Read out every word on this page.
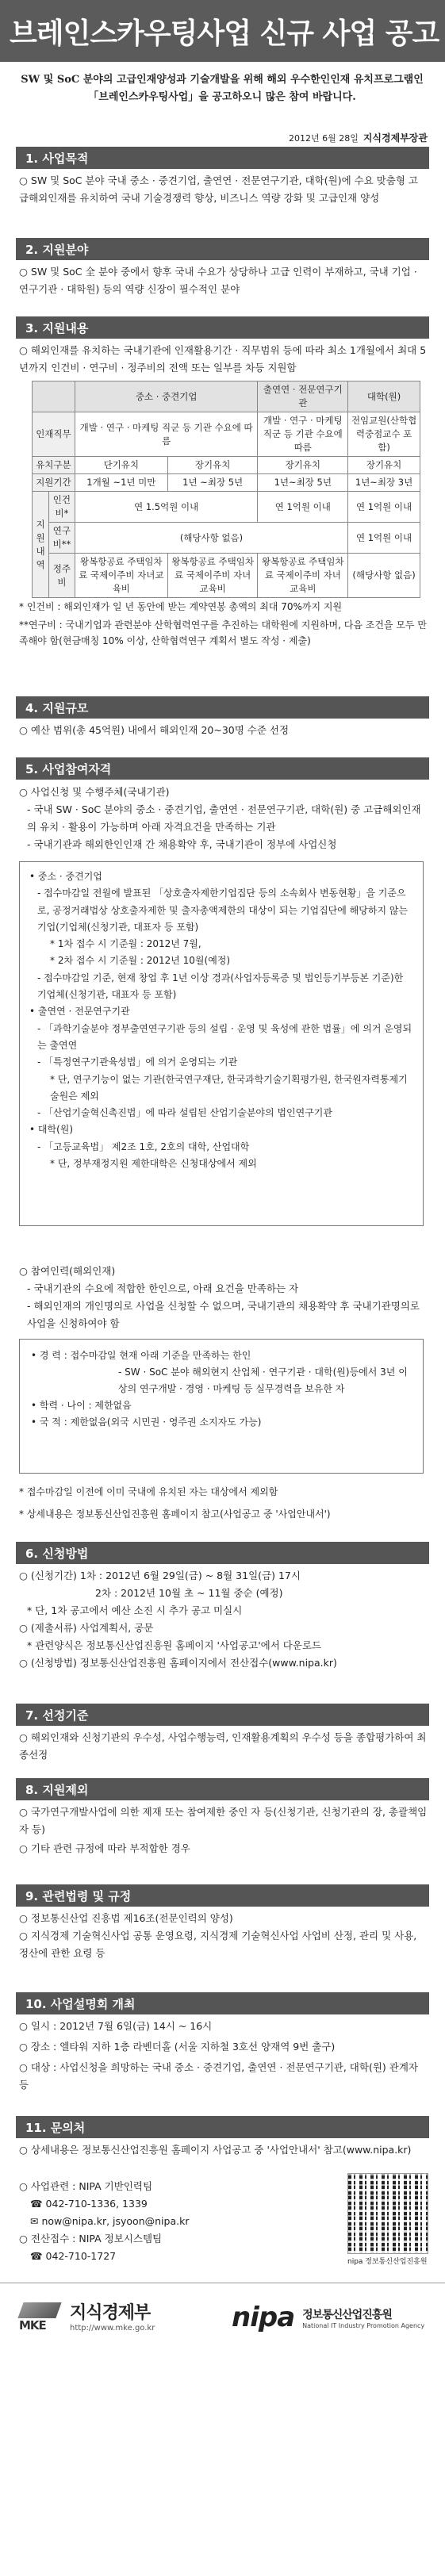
브레인스카우팅사업 신규 사업 공고
SW 및 SoC 분야의 고급인재양성과 기술개발을 위해 해외 우수한인인재 유치프로그램인
「브레인스카우팅사업」을 공고하오니 많은 참여 바랍니다.
2012년 6월 28일 지식경제부장관
1. 사업목적
○ SW 및 SoC 분야 국내 중소 · 중견기업, 출연연 · 전문연구기관, 대학(원)에 수요 맞춤형 고급해외인재를 유치하여 국내 기술경쟁력 향상, 비즈니스 역량 강화 및 고급인재 양성
2. 지원분야
○ SW 및 SoC 全 분야 중에서 향후 국내 수요가 상당하나 고급 인력이 부재하고, 국내 기업 · 연구기관 · 대학원) 등의 역량 신장이 필수적인 분야
3. 지원내용
○ 해외인재를 유치하는 국내기관에 인재활용기간 · 직무범위 등에 따라 최소 1개월에서 최대 5년까지 인건비 · 연구비 · 정주비의 전액 또는 일부를 차등 지원함
		중소 · 중견기업		출연연 · 전문연구기관	대학(원)
인재직무		개발 · 연구 · 마케팅 직군 등 기관 수요에 따름		개발 · 연구 · 마케팅 직군 등 기관 수요에 따름	전임교원(산학협력중점교수 포함)
유치구분		단기유치	장기유치	장기유치	장기유치
지원기간		1개월 ~1년 미만	1년 ~최장 5년	1년~최장 5년	1년~최장 3년
지원내역	인건비*	연 1.5억원 이내		연 1억원 이내	연 1억원 이내
	연구비**	(해당사항 없음)			연 1억원 이내
	정주비	왕복항공료 주택임차료 국제이주비 자녀교육비	왕복항공료 주택임차료 국제이주비 자녀교육비	왕복항공료 주택임차료 국제이주비 자녀교육비	(해당사항 없음)
* 인건비 : 해외인재가 일 년 동안에 받는 계약연봉 총액의 최대 70%까지 지원
**연구비 : 국내기업과 관련분야 산학협력연구를 추진하는 대학원에 지원하며, 다음 조건을 모두 만족해야 함(현금매칭 10% 이상, 산학협력연구 계획서 별도 작성 · 제출)
4. 지원규모
○ 예산 범위(총 45억원) 내에서 해외인재 20~30명 수준 선정
5. 사업참여자격
○ 사업신청 및 수행주체(국내기관)
- 국내 SW · SoC 분야의 중소 · 중견기업, 출연연 · 전문연구기관, 대학(원) 중 고급해외인재의 유치 · 활용이 가능하며 아래 자격요건을 만족하는 기관
- 국내기관과 해외한인인재 간 채용확약 후, 국내기관이 정부에 사업신청
• 중소 · 중견기업
- 접수마감일 전월에 발표된 「상호출자제한기업집단 등의 소속회사 변동현황」을 기준으로, 공정거래법상 상호출자제한 및 출자총액제한의 대상이 되는 기업집단에 해당하지 않는 기업(기업체(신청기관, 대표자 등 포함)
* 1차 접수 시 기준월 : 2012년 7월,
* 2차 접수 시 기준월 : 2012년 10월(예정)
- 접수마감일 기준, 현재 창업 후 1년 이상 경과(사업자등록증 및 법인등기부등본 기준)한 기업체(신청기관, 대표자 등 포함)
• 출연연 · 전문연구기관
- 「과학기술분야 정부출연연구기관 등의 설립 · 운영 및 육성에 관한 법률」에 의거 운영되는 출연연
- 「특정연구기관육성법」에 의거 운영되는 기관
* 단, 연구기능이 없는 기관(한국연구재단, 한국과학기술기획평가원, 한국원자력통제기술원은 제외
- 「산업기술혁신촉진법」에 따라 설립된 산업기술분야의 법인연구기관
• 대학(원)
- 「고등교육법」 제2조 1호, 2호의 대학, 산업대학
* 단, 정부재정지원 제한대학은 신청대상에서 제외
○ 참여인력(해외인재)
- 국내기관의 수요에 적합한 한인으로, 아래 요건을 만족하는 자
- 해외인재의 개인명의로 사업을 신청할 수 없으며, 국내기관의 채용확약 후 국내기관명의로 사업을 신청하여야 함
• 경 력 : 접수마감일 현재 아래 기준을 만족하는 한인
- SW · SoC 분야 해외현지 산업체 · 연구기관 · 대학(원)등에서 3년 이상의 연구개발 · 경영 · 마케팅 등 실무경력을 보유한 자
• 학력 · 나이 : 제한없음
• 국 적 : 제한없음(외국 시민권 · 영주권 소지자도 가능)
* 접수마감일 이전에 이미 국내에 유치된 자는 대상에서 제외함
* 상세내용은 정보통신산업진흥원 홈페이지 참고(사업공고 중 '사업안내서')
6. 신청방법
○ (신청기간) 1차 : 2012년 6월 29일(금) ~ 8월 31일(금) 17시
2차 : 2012년 10월 초 ~ 11월 중순 (예정)
* 단, 1차 공고에서 예산 소진 시 추가 공고 미실시
○ (제출서류) 사업계획서, 공문
* 관련양식은 정보통신산업진흥원 홈페이지 '사업공고'에서 다운로드
○ (신청방법) 정보통신산업진흥원 홈페이지에서 전산접수(www.nipa.kr)
7. 선정기준
○ 해외인재와 신청기관의 우수성, 사업수행능력, 인재활용계획의 우수성 등을 종합평가하여 최종선정
8. 지원제외
○ 국가연구개발사업에 의한 제재 또는 참여제한 중인 자 등(신청기관, 신청기관의 장, 총괄책임자 등)
○ 기타 관련 규정에 따라 부적합한 경우
9. 관련법령 및 규정
○ 정보통신산업 진흥법 제16조(전문인력의 양성)
○ 지식경제 기술혁신사업 공통 운영요령, 지식경제 기술혁신사업 사업비 산정, 관리 및 사용, 정산에 관한 요령 등
10. 사업설명회 개최
○ 일시 : 2012년 7월 6일(금) 14시 ~ 16시
○ 장소 : 엘타워 지하 1층 라벤더홀 (서울 지하철 3호선 양재역 9번 출구)
○ 대상 : 사업신청을 희망하는 국내 중소 · 중견기업, 출연연 · 전문연구기관, 대학(원) 관계자 등
11. 문의처
○ 상세내용은 정보통신산업진흥원 홈페이지 사업공고 중 '사업안내서' 참고(www.nipa.kr)
○ 사업관련 : NIPA 기반인력팀
☎ 042-710-1336, 1339
✉ now@nipa.kr, jsyoon@nipa.kr
○ 전산접수 : NIPA 정보시스템팀
☎ 042-710-1727	nipa 정보통신산업진흥원
MKE
지식경제부
http://www.mke.go.kr	nipa 정보통신산업진흥원
National IT Industry Promotion Agency
